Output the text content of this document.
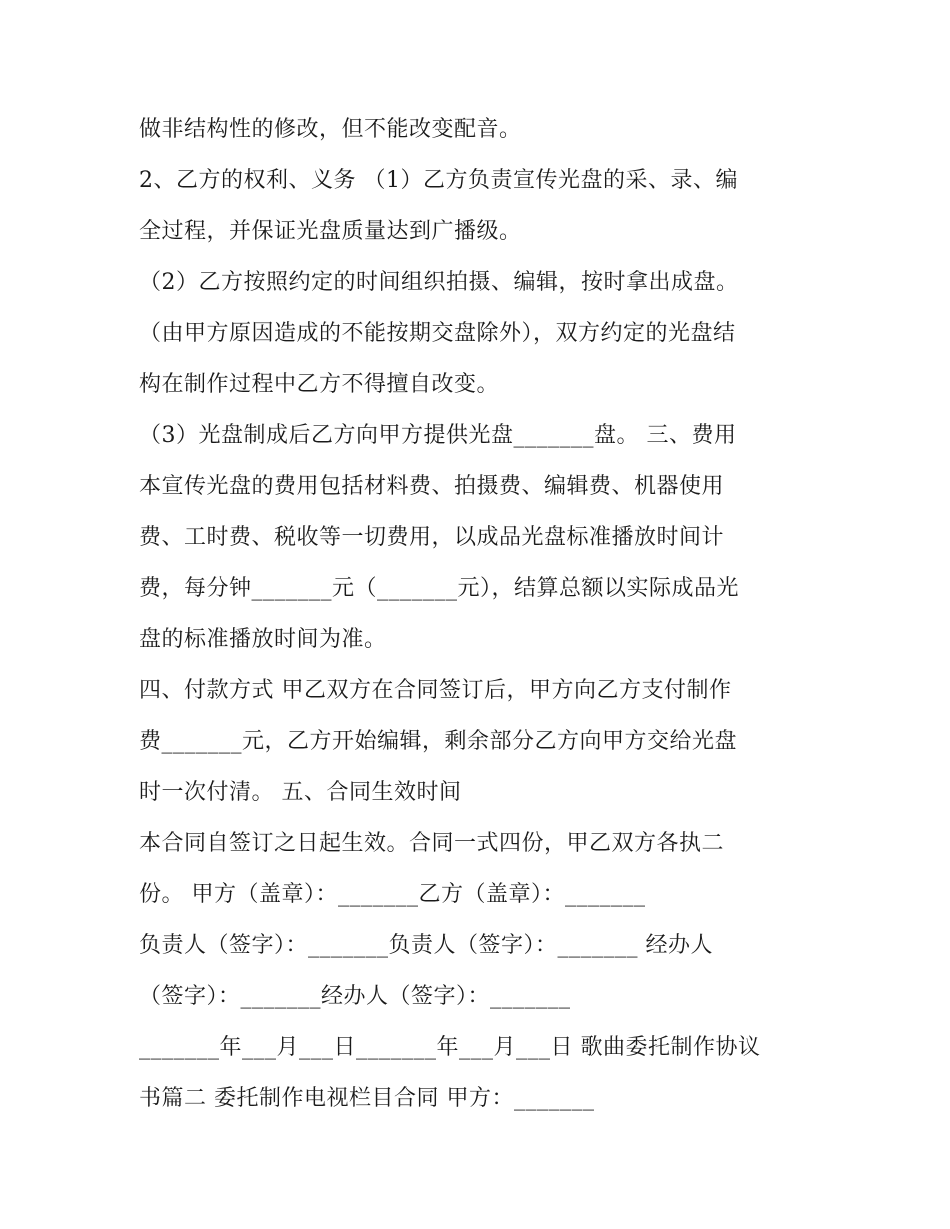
做非结构性的修改，但不能改变配音。
2、乙方的权利、义务 （1）乙方负责宣传光盘的采、录、编
全过程，并保证光盘质量达到广播级。
（2）乙方按照约定的时间组织拍摄、编辑，按时拿出成盘。
（由甲方原因造成的不能按期交盘除外），双方约定的光盘结
构在制作过程中乙方不得擅自改变。
（3）光盘制成后乙方向甲方提供光盘_______盘。 三、费用
本宣传光盘的费用包括材料费、拍摄费、编辑费、机器使用
费、工时费、税收等一切费用，以成品光盘标准播放时间计
费，每分钟_______元（_______元），结算总额以实际成品光
盘的标准播放时间为准。
四、付款方式 甲乙双方在合同签订后，甲方向乙方支付制作
费_______元，乙方开始编辑，剩余部分乙方向甲方交给光盘
时一次付清。 五、合同生效时间
本合同自签订之日起生效。合同一式四份，甲乙双方各执二
份。 甲方（盖章）：_______乙方（盖章）：_______
负责人（签字）：_______负责人（签字）：_______ 经办人
（签字）：_______经办人（签字）：_______
_______年___月___日_______年___月___日 歌曲委托制作协议
书篇二 委托制作电视栏目合同 甲方：_______
